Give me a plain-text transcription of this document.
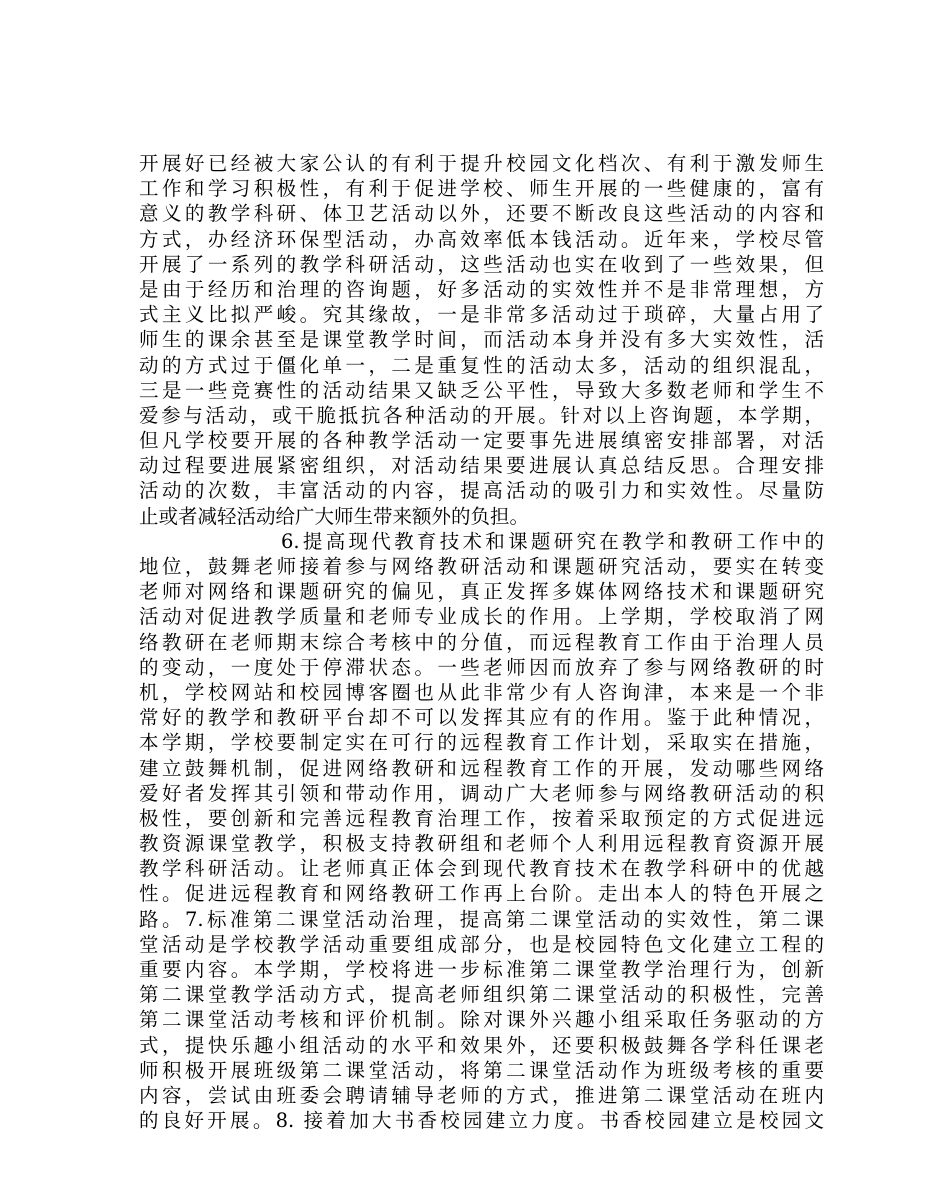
开展好已经被大家公认的有利于提升校园文化档次、有利于激发师生
工作和学习积极性，有利于促进学校、师生开展的一些健康的，富有
意义的教学科研、体卫艺活动以外，还要不断改良这些活动的内容和
方式，办经济环保型活动，办高效率低本钱活动。近年来，学校尽管
开展了一系列的教学科研活动，这些活动也实在收到了一些效果，但
是由于经历和治理的咨询题，好多活动的实效性并不是非常理想，方
式主义比拟严峻。究其缘故，一是非常多活动过于琐碎，大量占用了
师生的课余甚至是课堂教学时间，而活动本身并没有多大实效性，活
动的方式过于僵化单一，二是重复性的活动太多，活动的组织混乱，
三是一些竞赛性的活动结果又缺乏公平性，导致大多数老师和学生不
爱参与活动，或干脆抵抗各种活动的开展。针对以上咨询题，本学期，
但凡学校要开展的各种教学活动一定要事先进展缜密安排部署，对活
动过程要进展紧密组织，对活动结果要进展认真总结反思。合理安排
活动的次数，丰富活动的内容，提高活动的吸引力和实效性。尽量防
止或者减轻活动给广大师生带来额外的负担。
6.提高现代教育技术和课题研究在教学和教研工作中的
地位，鼓舞老师接着参与网络教研活动和课题研究活动，要实在转变
老师对网络和课题研究的偏见，真正发挥多媒体网络技术和课题研究
活动对促进教学质量和老师专业成长的作用。上学期，学校取消了网
络教研在老师期末综合考核中的分值，而远程教育工作由于治理人员
的变动，一度处于停滞状态。一些老师因而放弃了参与网络教研的时
机，学校网站和校园博客圈也从此非常少有人咨询津，本来是一个非
常好的教学和教研平台却不可以发挥其应有的作用。鉴于此种情况，
本学期，学校要制定实在可行的远程教育工作计划，采取实在措施，
建立鼓舞机制，促进网络教研和远程教育工作的开展，发动哪些网络
爱好者发挥其引领和带动作用，调动广大老师参与网络教研活动的积
极性，要创新和完善远程教育治理工作，按着采取预定的方式促进远
教资源课堂教学，积极支持教研组和老师个人利用远程教育资源开展
教学科研活动。让老师真正体会到现代教育技术在教学科研中的优越
性。促进远程教育和网络教研工作再上台阶。走出本人的特色开展之
路。7.标准第二课堂活动治理，提高第二课堂活动的实效性，第二课
堂活动是学校教学活动重要组成部分，也是校园特色文化建立工程的
重要内容。本学期，学校将进一步标准第二课堂教学治理行为，创新
第二课堂教学活动方式，提高老师组织第二课堂活动的积极性，完善
第二课堂活动考核和评价机制。除对课外兴趣小组采取任务驱动的方
式，提快乐趣小组活动的水平和效果外，还要积极鼓舞各学科任课老
师积极开展班级第二课堂活动，将第二课堂活动作为班级考核的重要
内容，尝试由班委会聘请辅导老师的方式，推进第二课堂活动在班内
的良好开展。8. 接着加大书香校园建立力度。书香校园建立是校园文
